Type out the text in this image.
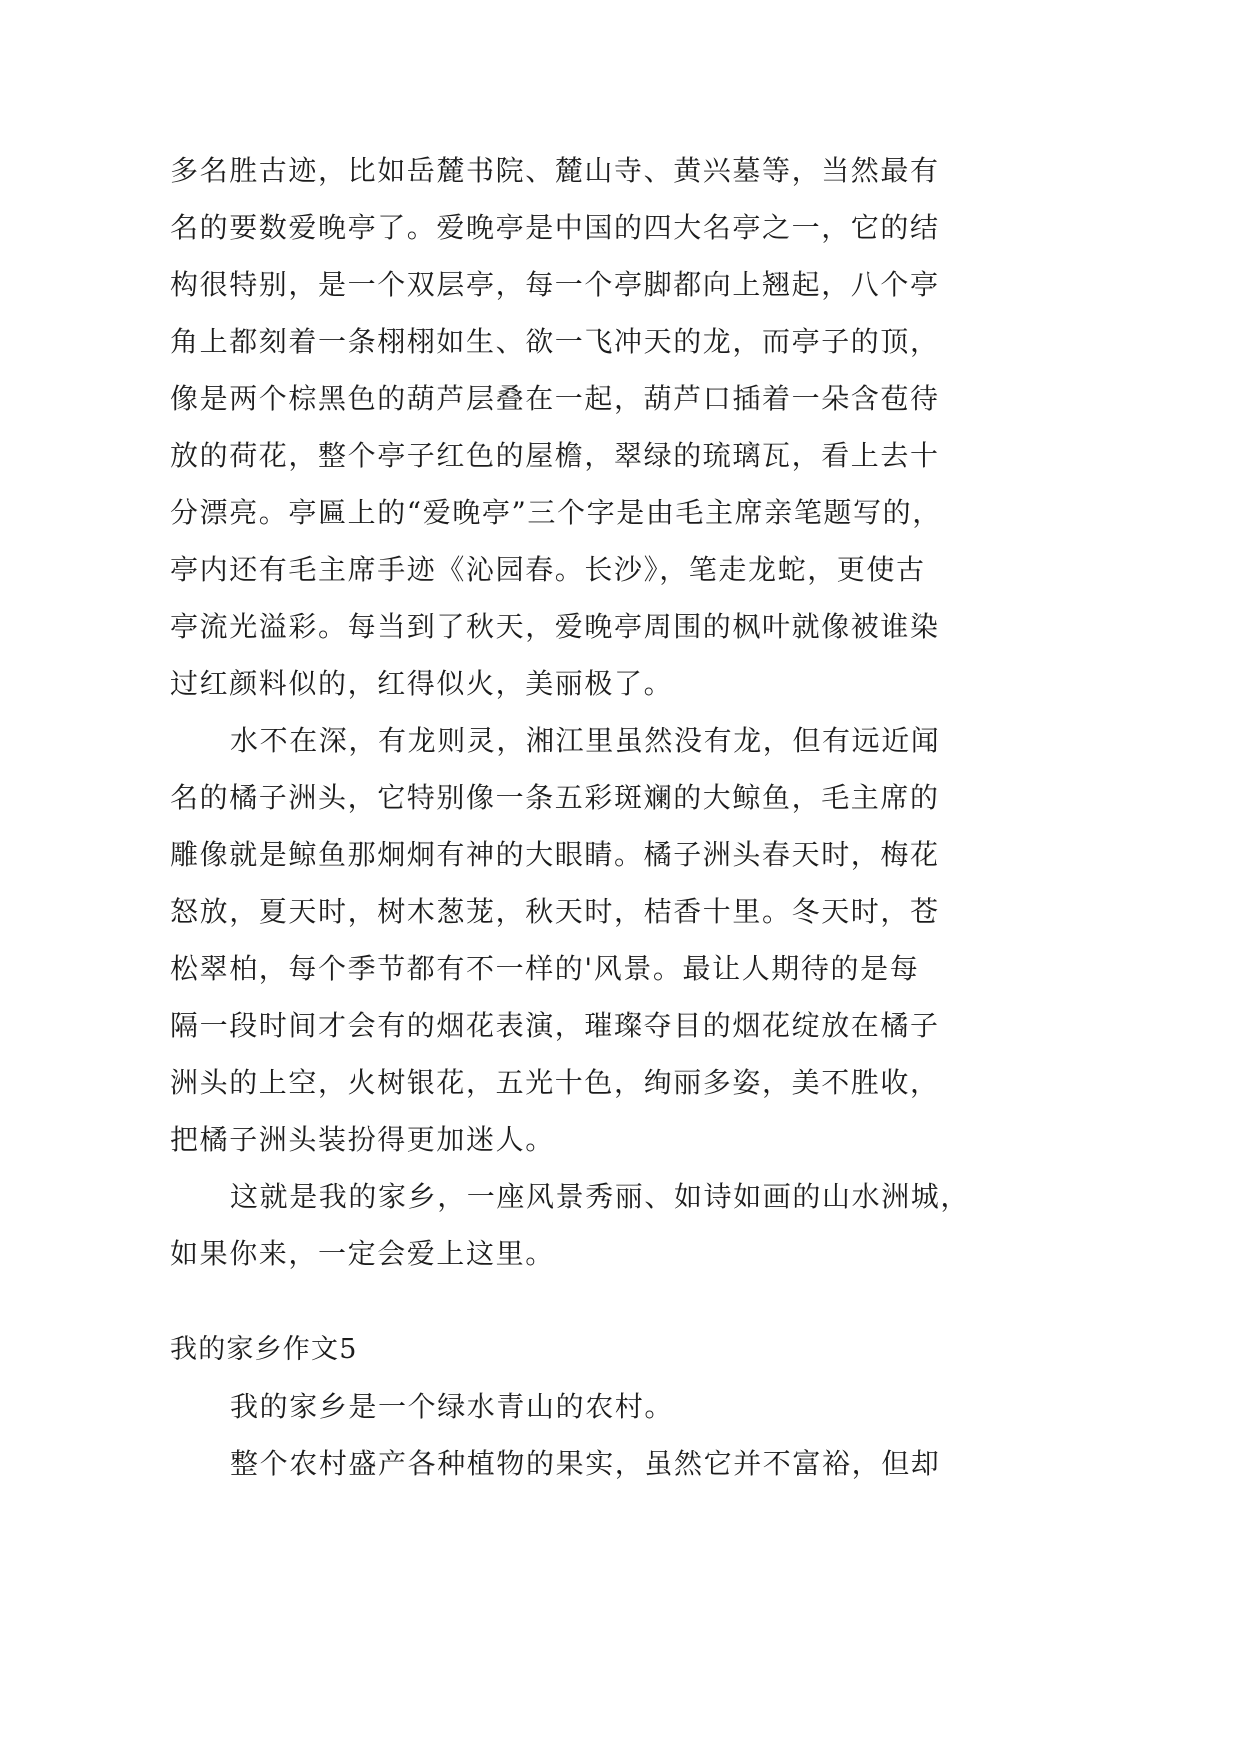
多名胜古迹，比如岳麓书院、麓山寺、黄兴墓等，当然最有
名的要数爱晚亭了。爱晚亭是中国的四大名亭之一，它的结
构很特别，是一个双层亭，每一个亭脚都向上翘起，八个亭
角上都刻着一条栩栩如生、欲一飞冲天的龙，而亭子的顶，
像是两个棕黑色的葫芦层叠在一起，葫芦口插着一朵含苞待
放的荷花，整个亭子红色的屋檐，翠绿的琉璃瓦，看上去十
分漂亮。亭匾上的“爱晚亭”三个字是由毛主席亲笔题写的，
亭内还有毛主席手迹《沁园春。长沙》，笔走龙蛇，更使古
亭流光溢彩。每当到了秋天，爱晚亭周围的枫叶就像被谁染
过红颜料似的，红得似火，美丽极了。
水不在深，有龙则灵，湘江里虽然没有龙，但有远近闻
名的橘子洲头，它特别像一条五彩斑斓的大鲸鱼，毛主席的
雕像就是鲸鱼那炯炯有神的大眼睛。橘子洲头春天时，梅花
怒放，夏天时，树木葱茏，秋天时，桔香十里。冬天时，苍
松翠柏，每个季节都有不一样的'风景。最让人期待的是每
隔一段时间才会有的烟花表演，璀璨夺目的烟花绽放在橘子
洲头的上空，火树银花，五光十色，绚丽多姿，美不胜收，
把橘子洲头装扮得更加迷人。
这就是我的家乡，一座风景秀丽、如诗如画的山水洲城，
如果你来，一定会爱上这里。
我的家乡作文5
我的家乡是一个绿水青山的农村。
整个农村盛产各种植物的果实，虽然它并不富裕，但却
